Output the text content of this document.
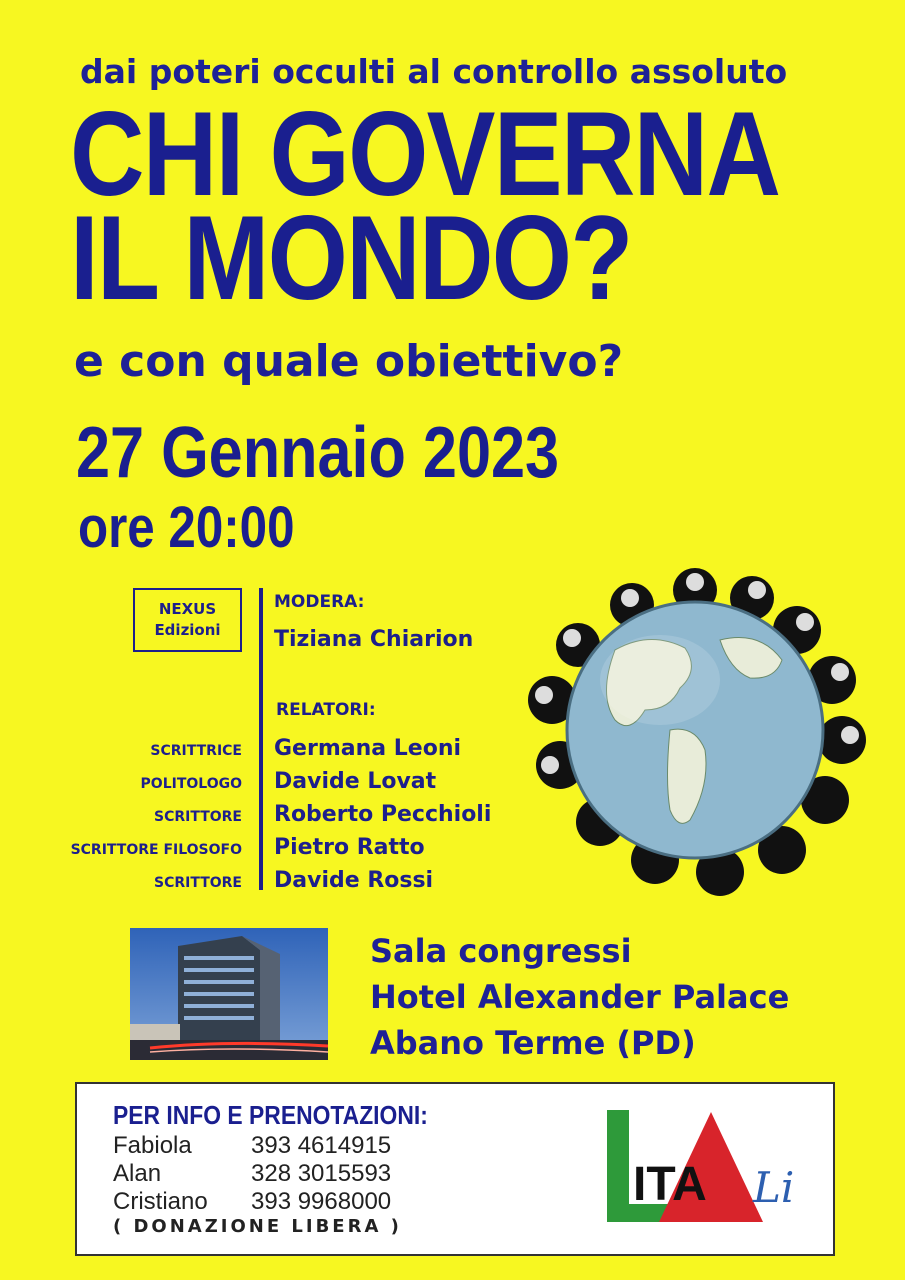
dai poteri occulti al controllo assoluto
CHI GOVERNA
IL MONDO?
e con quale obiettivo?
27 Gennaio 2023
ore 20:00
NEXUS
Edizioni
MODERA:
Tiziana Chiarion
RELATORI:
SCRITTRICE Germana Leoni
POLITOLOGO Davide Lovat
SCRITTORE Roberto Pecchioli
SCRITTORE FILOSOFO Pietro Ratto
SCRITTORE Davide Rossi
Sala congressi
Hotel Alexander Palace
Abano Terme (PD)
PER INFO E PRENOTAZIONI:
Fabiola 393 4614915
Alan	328 3015593
Cristiano 393 9968000
( DONAZIONE LIBERA )
ITA Li
